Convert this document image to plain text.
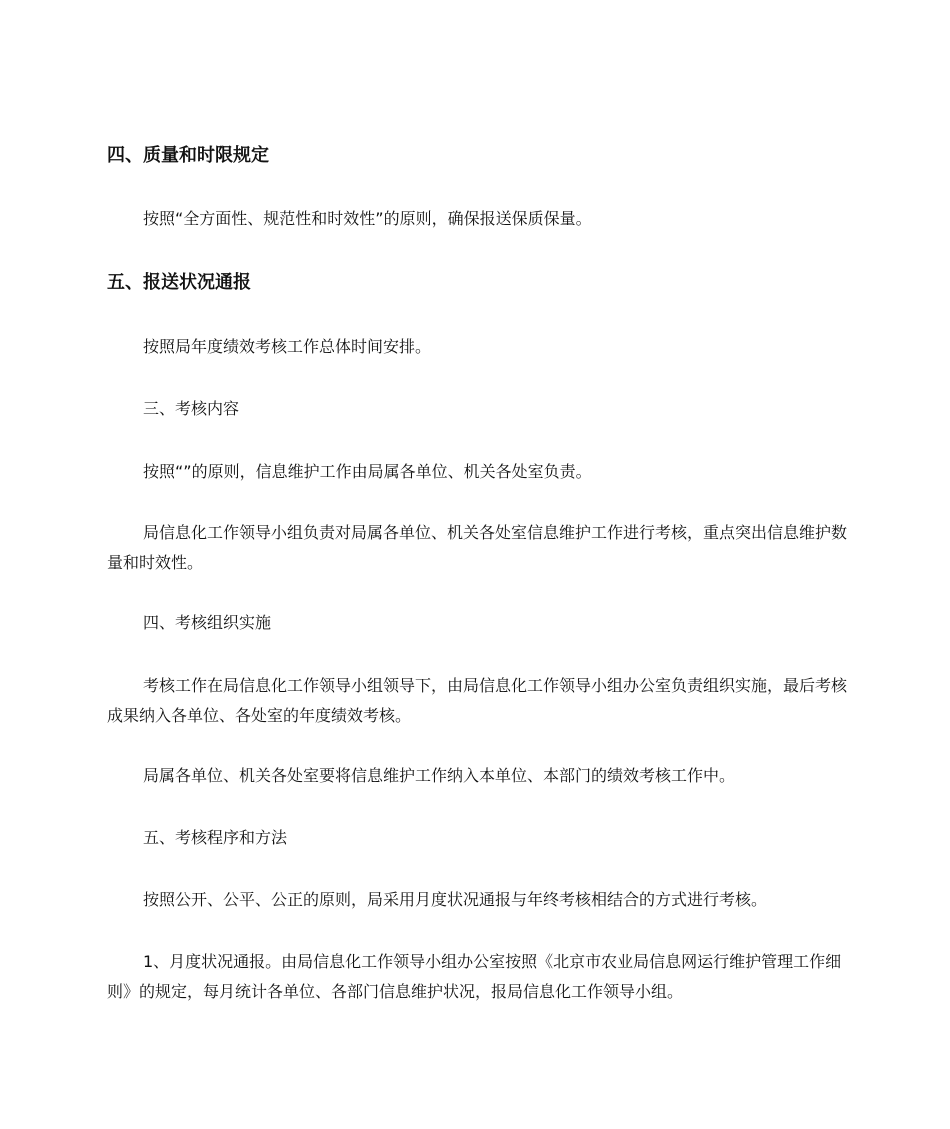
四、质量和时限规定
按照“全方面性、规范性和时效性”的原则，确保报送保质保量。
五、报送状况通报
按照局年度绩效考核工作总体时间安排。
三、考核内容
按照“”的原则，信息维护工作由局属各单位、机关各处室负责。
局信息化工作领导小组负责对局属各单位、机关各处室信息维护工作进行考核，重点突出信息维护数量和时效性。
四、考核组织实施
考核工作在局信息化工作领导小组领导下，由局信息化工作领导小组办公室负责组织实施，最后考核成果纳入各单位、各处室的年度绩效考核。
局属各单位、机关各处室要将信息维护工作纳入本单位、本部门的绩效考核工作中。
五、考核程序和方法
按照公开、公平、公正的原则，局采用月度状况通报与年终考核相结合的方式进行考核。
1、月度状况通报。由局信息化工作领导小组办公室按照《北京市农业局信息网运行维护管理工作细则》的规定，每月统计各单位、各部门信息维护状况，报局信息化工作领导小组。
